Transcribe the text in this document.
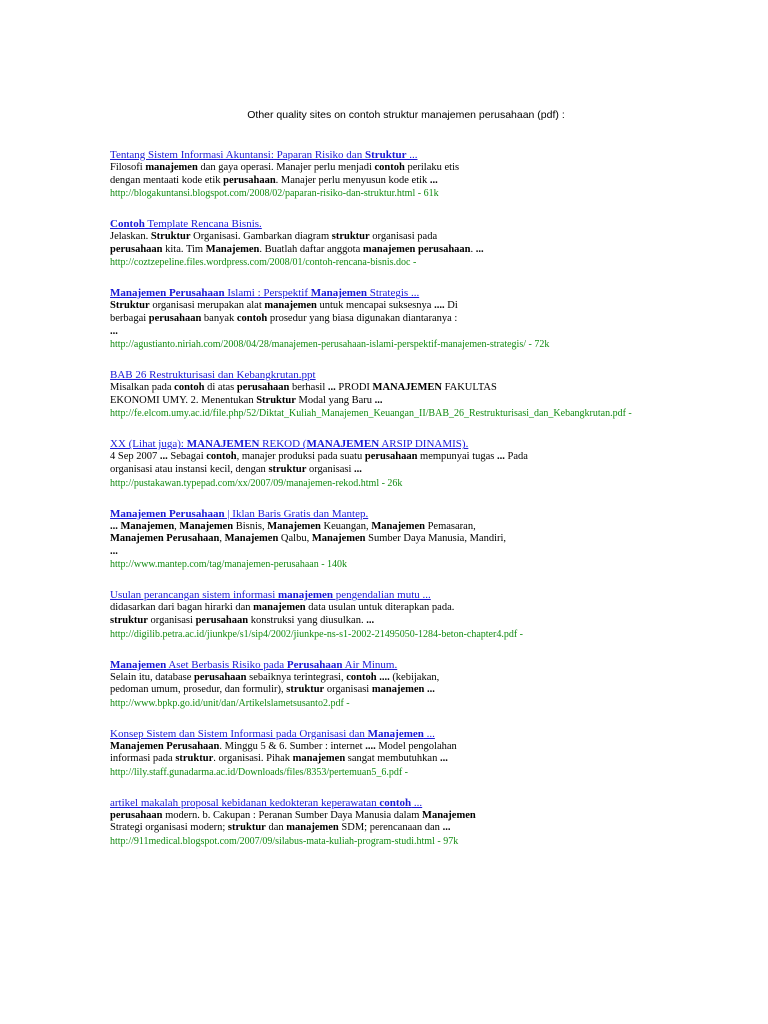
Other quality sites on contoh struktur manajemen perusahaan (pdf) :
Tentang Sistem Informasi Akuntansi: Paparan Risiko dan Struktur ...
Filosofi manajemen dan gaya operasi. Manajer perlu menjadi contoh perilaku etis
dengan mentaati kode etik perusahaan. Manajer perlu menyusun kode etik ...
http://blogakuntansi.blogspot.com/2008/02/paparan-risiko-dan-struktur.html - 61k
Contoh Template Rencana Bisnis.
Jelaskan. Struktur Organisasi. Gambarkan diagram struktur organisasi pada
perusahaan kita. Tim Manajemen. Buatlah daftar anggota manajemen perusahaan. ...
http://coztzepeline.files.wordpress.com/2008/01/contoh-rencana-bisnis.doc -
Manajemen Perusahaan Islami : Perspektif Manajemen Strategis ...
Struktur organisasi merupakan alat manajemen untuk mencapai suksesnya .... Di
berbagai perusahaan banyak contoh prosedur yang biasa digunakan diantaranya :
...
http://agustianto.niriah.com/2008/04/28/manajemen-perusahaan-islami-perspektif-manajemen-strategis/ - 72k
BAB 26 Restrukturisasi dan Kebangkrutan.ppt
Misalkan pada contoh di atas perusahaan berhasil ... PRODI MANAJEMEN FAKULTAS
EKONOMI UMY. 2. Menentukan Struktur Modal yang Baru ...
http://fe.elcom.umy.ac.id/file.php/52/Diktat_Kuliah_Manajemen_Keuangan_II/BAB_26_Restrukturisasi_dan_Kebangkrutan.pdf -
XX (Lihat juga): MANAJEMEN REKOD (MANAJEMEN ARSIP DINAMIS).
4 Sep 2007 ... Sebagai contoh, manajer produksi pada suatu perusahaan mempunyai tugas ... Pada
organisasi atau instansi kecil, dengan struktur organisasi ...
http://pustakawan.typepad.com/xx/2007/09/manajemen-rekod.html - 26k
Manajemen Perusahaan | Iklan Baris Gratis dan Mantep.
... Manajemen, Manajemen Bisnis, Manajemen Keuangan, Manajemen Pemasaran,
Manajemen Perusahaan, Manajemen Qalbu, Manajemen Sumber Daya Manusia, Mandiri,
...
http://www.mantep.com/tag/manajemen-perusahaan - 140k
Usulan perancangan sistem informasi manajemen pengendalian mutu ...
didasarkan dari bagan hirarki dan manajemen data usulan untuk diterapkan pada.
struktur organisasi perusahaan konstruksi yang diusulkan. ...
http://digilib.petra.ac.id/jiunkpe/s1/sip4/2002/jiunkpe-ns-s1-2002-21495050-1284-beton-chapter4.pdf -
Manajemen Aset Berbasis Risiko pada Perusahaan Air Minum.
Selain itu, database perusahaan sebaiknya terintegrasi, contoh .... (kebijakan,
pedoman umum, prosedur, dan formulir), struktur organisasi manajemen ...
http://www.bpkp.go.id/unit/dan/Artikelslametsusanto2.pdf -
Konsep Sistem dan Sistem Informasi pada Organisasi dan Manajemen ...
Manajemen Perusahaan. Minggu 5 & 6. Sumber : internet .... Model pengolahan
informasi pada struktur. organisasi. Pihak manajemen sangat membutuhkan ...
http://lily.staff.gunadarma.ac.id/Downloads/files/8353/pertemuan5_6.pdf -
artikel makalah proposal kebidanan kedokteran keperawatan contoh ...
perusahaan modern. b. Cakupan : Peranan Sumber Daya Manusia dalam Manajemen
Strategi organisasi modern; struktur dan manajemen SDM; perencanaan dan ...
http://911medical.blogspot.com/2007/09/silabus-mata-kuliah-program-studi.html - 97k
